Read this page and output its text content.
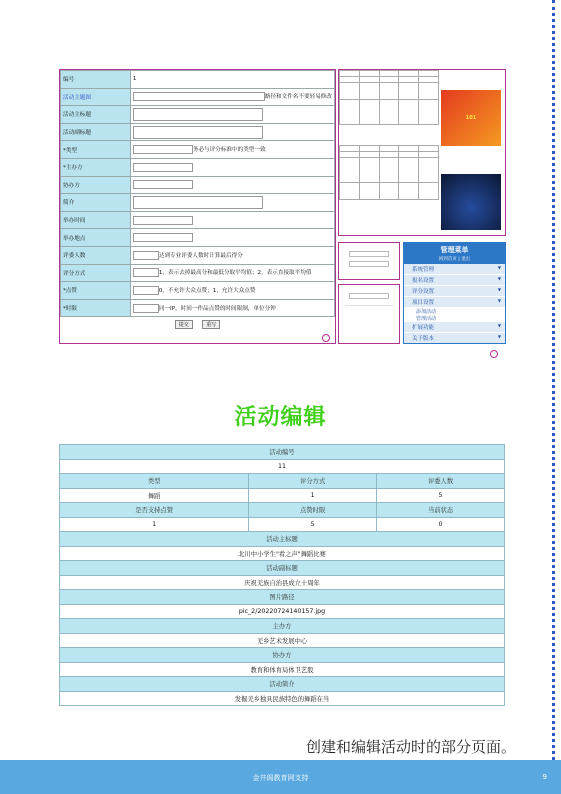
编号	1
活动主题图	路径和文件名不要轻易修改
活动主标题	
活动副标题	
*类型	务必与评分标准中的类型一致
*主办方	
协办方	
简介	
举办时间	
举办地点	
评委人数	达到专业评委人数时计算最后得分
评分方式	1，表示去掉最高分和最低分取平均值；2，表示直接取平均值
*点赞	0，不允许大众点赞；1，允许大众点赞
*时限	同一IP，时间一作品点赞的时间限制，单位分钟
提交	重写

101

管理菜单
回到首页 | 退出
系统管理	▼
报名设置	▼
评分设置	▼
项目设置	▼
添加活动
管理活动
扩展功能	▼
关于版本	▼
活动编辑
活动编号		
11		
类型	评分方式	评委人数
舞蹈	1	5
是否支持点赞	点赞时限	当前状态
1	5	0
活动主标题		
北川中小学生"看之声"舞蹈比赛		
活动副标题		
庆祝羌族自治县成立十周年		
图片路径		
pic_2/20220724140157.jpg		
主办方		
羌乡艺术发展中心		
协办方		
教育和体育局体卫艺股		
活动简介		
发掘羌乡独具民族特色的舞蹈在当		
创建和编辑活动时的部分页面。
金井阁教育网支持	9
